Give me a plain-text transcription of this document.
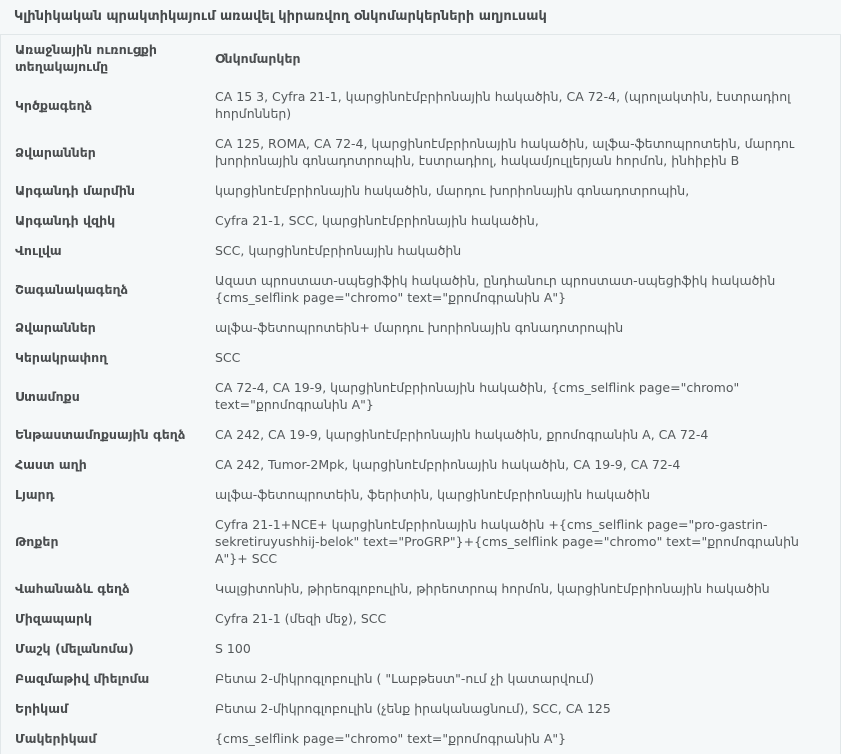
Կլինիկական պրակտիկայում առավել կիրառվող օնկոմարկերների աղյուսակ
Առաջնային ուռուցքի տեղակայումը	Օնկոմարկեր
Կրծքագեղձ	CA 15 3, Cyfra 21-1, կարցինոէմբրիոնային հակածին, CA 72-4, (պրոլակտին, էստրադիոլ հորմոններ)
Ձվարաններ	CA 125, ROMA, CA 72-4, կարցինոէմբրիոնային հակածին, ալֆա-ֆետոպրոտեին, մարդու խորիոնային գոնադոտրոպին, էստրադիոլ, հակամյուլլերյան հորմոն, ինհիբին B
Արգանդի մարմին	կարցինոէմբրիոնային հակածին, մարդու խորիոնային գոնադոտրոպին,
Արգանդի վզիկ	Cyfra 21-1, SCC, կարցինոէմբրիոնային հակածին,
Վուլվա	SCC, կարցինոէմբրիոնային հակածին
Շագանակագեղձ	Ազատ պրոստատ-սպեցիֆիկ հակածին, ընդհանուր պրոստատ-սպեցիֆիկ հակածին {cms_selflink page="chromo" text="քրոմոգրանին A"}
Ձվարաններ	ալֆա-ֆետոպրոտեին+ մարդու խորիոնային գոնադոտրոպին
Կերակրափող	SCC
Ստամոքս	CA 72-4, CA 19-9, կարցինոէմբրիոնային հակածին, {cms_selflink page="chromo" text="քրոմոգրանին A"}
Ենթաստամոքսային գեղձ	CA 242, CA 19-9, կարցինոէմբրիոնային հակածին, քրոմոգրանին A, CA 72-4
Հաստ աղի	CA 242, Tumor-2Mpk, կարցինոէմբրիոնային հակածին, CA 19-9, CA 72-4
Լյարդ	ալֆա-ֆետոպրոտեին, ֆերիտին, կարցինոէմբրիոնային հակածին
Թոքեր	Cyfra 21-1+NCE+ կարցինոէմբրիոնային հակածին +{cms_selflink page="pro-gastrin-sekretiruyushhij-belok" text="ProGRP"}+{cms_selflink page="chromo" text="քրոմոգրանին A"}+ SCC
Վահանաձև գեղձ	Կալցիտոնին, թիրեոգլոբուլին, թիրեոտրոպ հորմոն, կարցինոէմբրիոնային հակածին
Միզապարկ	Cyfra 21-1 (մեզի մեջ), SCC
Մաշկ (մելանոմա)	S 100
Բազմաթիվ միելոմա	Բետա 2-միկրոգլոբուլին ( "Լաբթեստ"-ում չի կատարվում)
Երիկամ	Բետա 2-միկրոգլոբուլին (չենք իրականացնում), SCC, CA 125
Մակերիկամ	{cms_selflink page="chromo" text="քրոմոգրանին A"}
